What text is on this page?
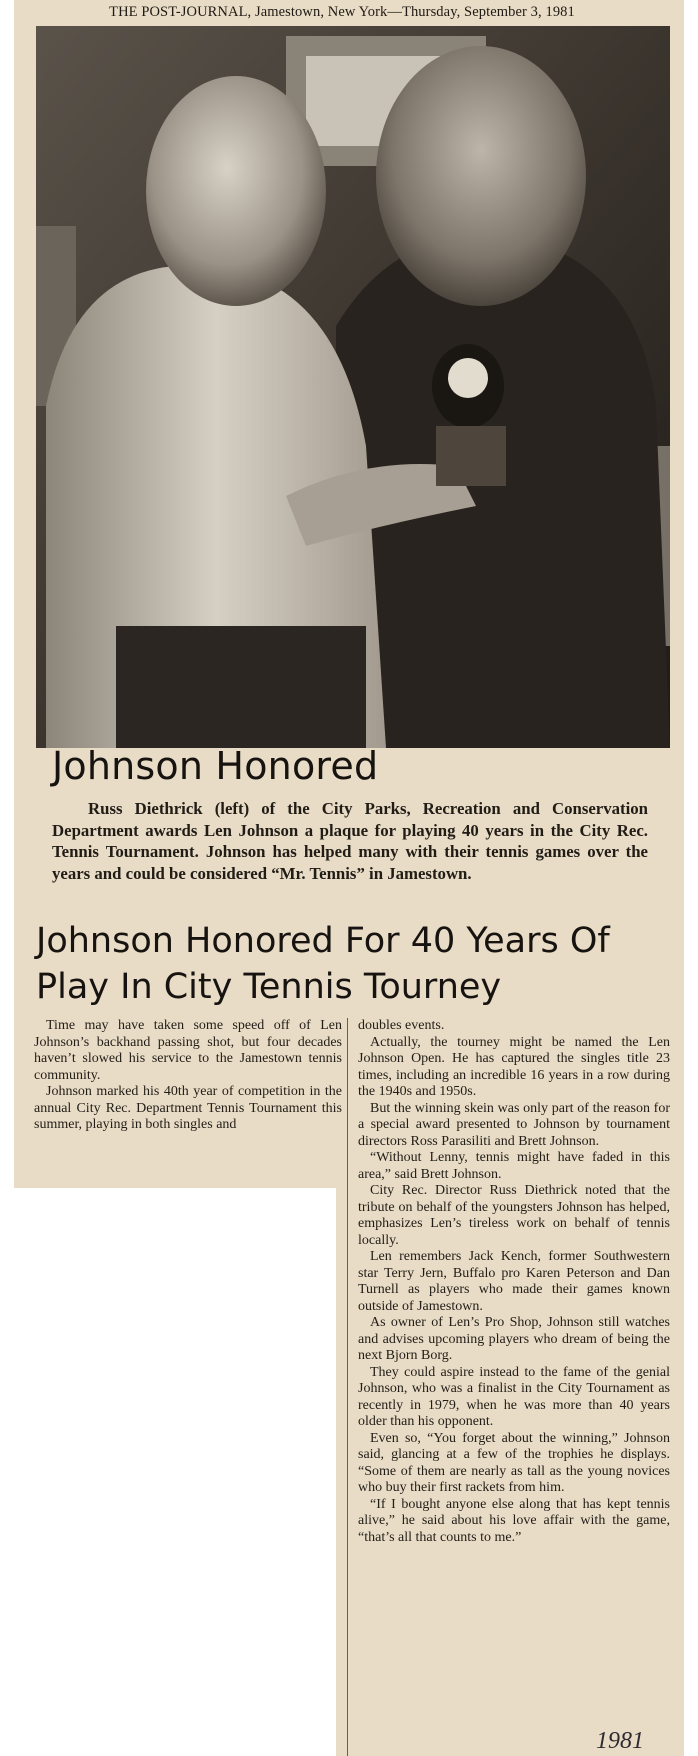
THE POST-JOURNAL, Jamestown, New York—Thursday, September 3, 1981
Johnson Honored
Russ Diethrick (left) of the City Parks, Recreation and Conservation Department awards Len Johnson a plaque for playing 40 years in the City Rec. Tennis Tournament. Johnson has helped many with their tennis games over the years and could be considered “Mr. Tennis” in Jamestown.
Johnson Honored For 40 Years Of Play In City Tennis Tourney

Time may have taken some speed off of Len Johnson’s backhand passing shot, but four decades haven’t slowed his service to the Jamestown tennis community.

Johnson marked his 40th year of competition in the annual City Rec. Department Tennis Tournament this summer, playing in both singles and

doubles events.

Actually, the tourney might be named the Len Johnson Open. He has captured the singles title 23 times, including an incredible 16 years in a row during the 1940s and 1950s.

But the winning skein was only part of the reason for a special award presented to Johnson by tournament directors Ross Parasiliti and Brett Johnson.

“Without Lenny, tennis might have faded in this area,” said Brett Johnson.

City Rec. Director Russ Diethrick noted that the tribute on behalf of the youngsters Johnson has helped, emphasizes Len’s tireless work on behalf of tennis locally.

Len remembers Jack Kench, former Southwestern star Terry Jern, Buffalo pro Karen Peterson and Dan Turnell as players who made their games known outside of Jamestown.

As owner of Len’s Pro Shop, Johnson still watches and advises upcoming players who dream of being the next Bjorn Borg.

They could aspire instead to the fame of the genial Johnson, who was a finalist in the City Tournament as recently in 1979, when he was more than 40 years older than his opponent.

Even so, “You forget about the winning,” Johnson said, glancing at a few of the trophies he displays. “Some of them are nearly as tall as the young novices who buy their first rackets from him.

“If I bought anyone else along that has kept tennis alive,” he said about his love affair with the game, “that’s all that counts to me.”

1981
